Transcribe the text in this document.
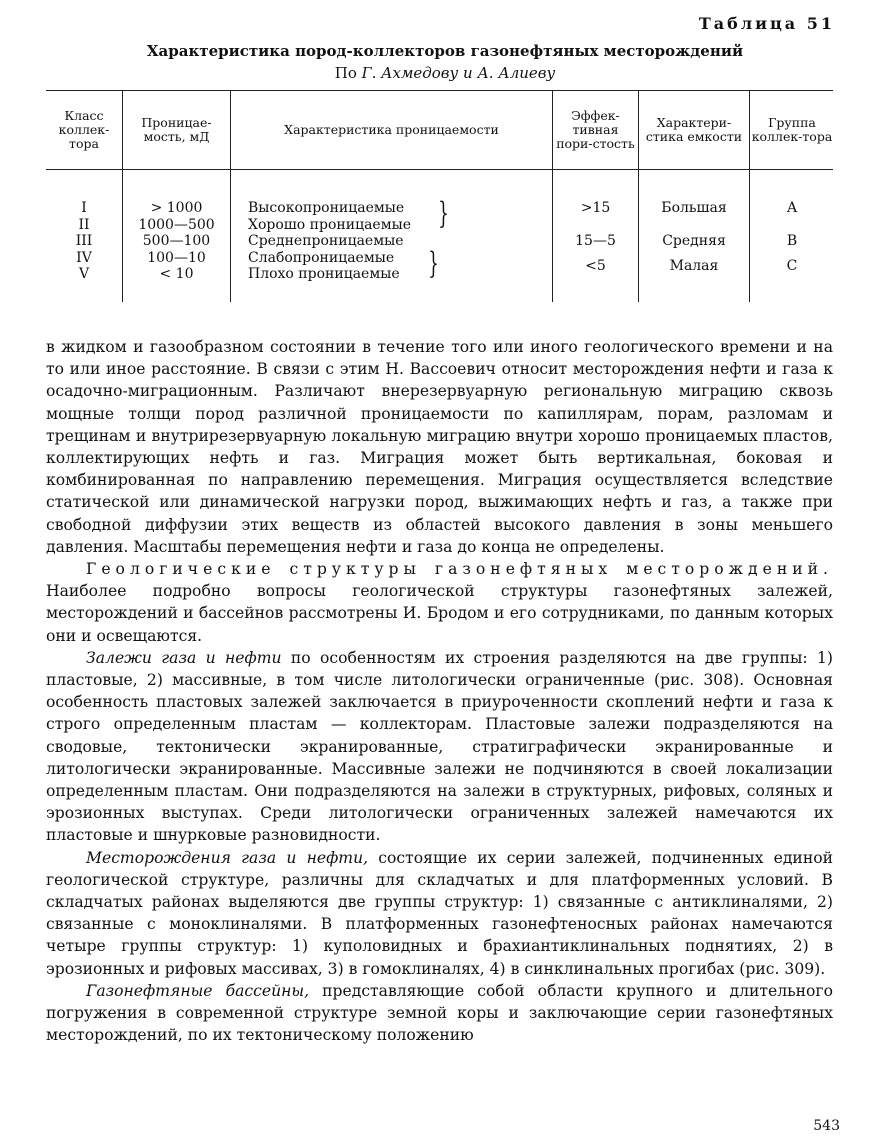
Таблица 51
Характеристика пород-коллекторов газонефтяных месторождений
По Г. Ахмедову и А. Алиеву
Класс коллек-тора
Проницае-мость, мД	Характеристика проницаемости
Эффек-тивная пори-стость
Характери-стика емкости
Группа коллек-тора
I
II
III
IV
V
> 1000
1000—500
500—100
100—10
< 10
Высокопроницаемые
Хорошо проницаемые
Среднепроницаемые
Слабопроницаемые
Плохо проницаемые
}
}
>15
15—5
<5
Большая
Средняя
Малая
A
B
C

в жидком и газообразном состоянии в течение того или иного геологического времени и на то или иное расстояние. В связи с этим Н. Вассоевич относит месторождения нефти и газа к осадочно-миграционным. Различают внерезервуарную региональную миграцию сквозь мощные толщи пород различной проницаемости по капиллярам, порам, разломам и трещинам и внутрирезервуарную локальную миграцию внутри хорошо проницаемых пластов, коллектирующих нефть и газ. Миграция может быть вертикальная, боковая и комбинированная по направлению перемещения. Миграция осуществляется вследствие статической или динамической нагрузки пород, выжимающих нефть и газ, а также при свободной диффузии этих веществ из областей высокого давления в зоны меньшего давления. Масштабы перемещения нефти и газа до конца не определены.

Геологические структуры газонефтяных месторождений. Наиболее подробно вопросы геологической структуры газонефтяных залежей, месторождений и бассейнов рассмотрены И. Бродом и его сотрудниками, по данным которых они и освещаются.

Залежи газа и нефти по особенностям их строения разделяются на две группы: 1) пластовые, 2) массивные, в том числе литологически ограниченные (рис. 308). Основная особенность пластовых залежей заключается в приуроченности скоплений нефти и газа к строго определенным пластам — коллекторам. Пластовые залежи подразделяются на сводовые, тектонически экранированные, стратиграфически экранированные и литологически экранированные. Массивные залежи не подчиняются в своей локализации определенным пластам. Они подразделяются на залежи в структурных, рифовых, соляных и эрозионных выступах. Среди литологически ограниченных залежей намечаются их пластовые и шнурковые разновидности.

Месторождения газа и нефти, состоящие их серии залежей, подчиненных единой геологической структуре, различны для складчатых и для платформенных условий. В складчатых районах выделяются две группы структур: 1) связанные с антиклиналями, 2) связанные с моноклиналями. В платформенных газонефтеносных районах намечаются четыре группы структур: 1) куполовидных и брахиантиклинальных поднятиях, 2) в эрозионных и рифовых массивах, 3) в гомоклиналях, 4) в синклинальных прогибах (рис. 309).

Газонефтяные бассейны, представляющие собой области крупного и длительного погружения в современной структуре земной коры и заключающие серии газонефтяных месторождений, по их тектоническому положению

543
